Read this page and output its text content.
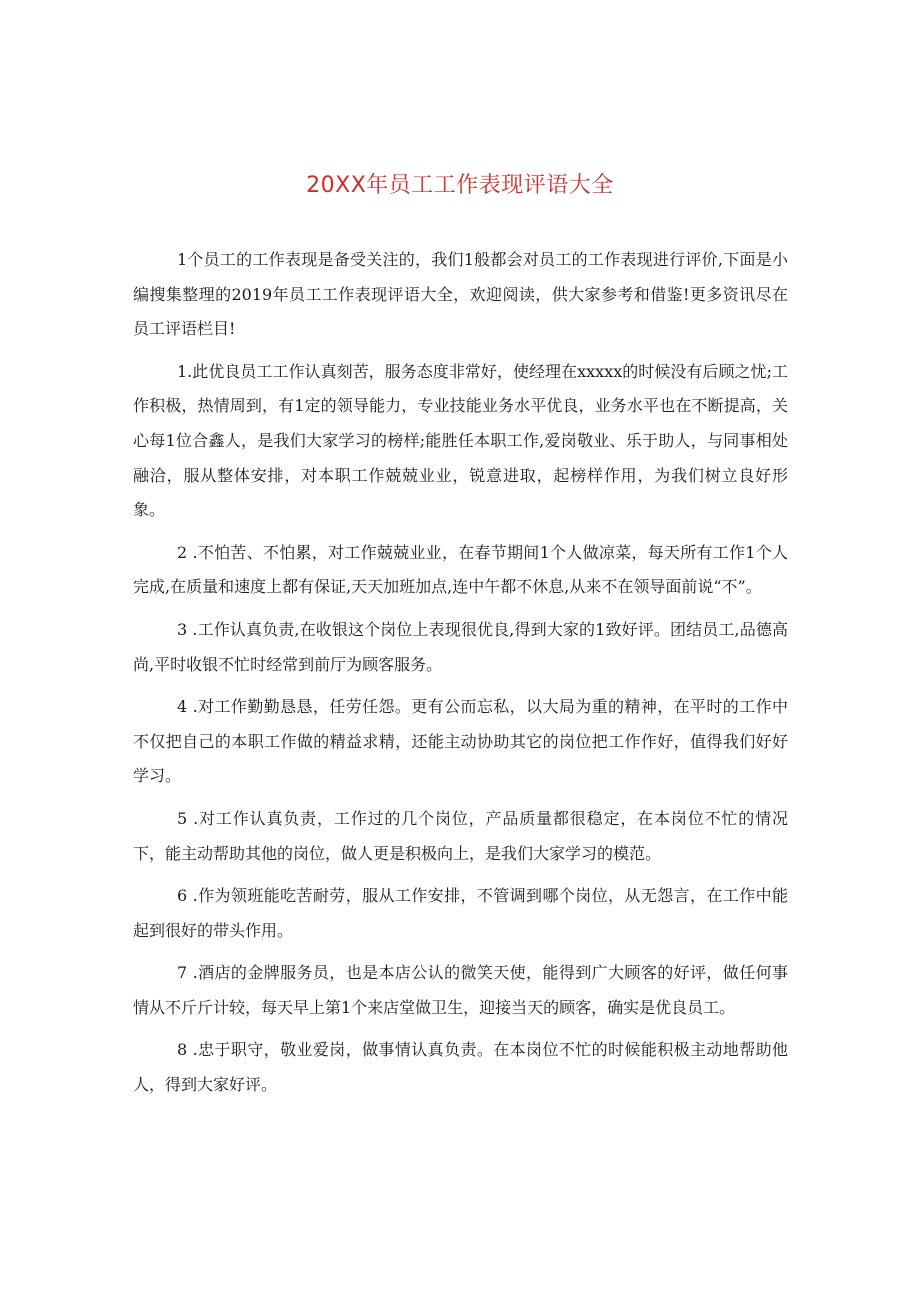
20XX年员工工作表现评语大全

1个员工的工作表现是备受关注的，我们1般都会对员工的工作表现进行评价,下面是小编搜集整理的2019年员工工作表现评语大全，欢迎阅读，供大家参考和借鉴!更多资讯尽在员工评语栏目!

1.此优良员工工作认真刻苦，服务态度非常好，使经理在xxxxx的时候没有后顾之忧;工作积极，热情周到，有1定的领导能力，专业技能业务水平优良，业务水平也在不断提高，关心每1位合鑫人，是我们大家学习的榜样;能胜任本职工作,爱岗敬业、乐于助人，与同事相处融洽，服从整体安排，对本职工作兢兢业业，锐意进取，起榜样作用，为我们树立良好形象。

2 .不怕苦、不怕累，对工作兢兢业业，在春节期间1个人做凉菜，每天所有工作1个人完成,在质量和速度上都有保证,天天加班加点,连中午都不休息,从来不在领导面前说“不”。

3 .工作认真负责,在收银这个岗位上表现很优良,得到大家的1致好评。团结员工,品德高尚,平时收银不忙时经常到前厅为顾客服务。

4 .对工作勤勤恳恳，任劳任怨。更有公而忘私，以大局为重的精神，在平时的工作中不仅把自己的本职工作做的精益求精，还能主动协助其它的岗位把工作作好，值得我们好好学习。

5 .对工作认真负责，工作过的几个岗位，产品质量都很稳定，在本岗位不忙的情况下，能主动帮助其他的岗位，做人更是积极向上，是我们大家学习的模范。

6 .作为领班能吃苦耐劳，服从工作安排，不管调到哪个岗位，从无怨言，在工作中能起到很好的带头作用。

7 .酒店的金牌服务员，也是本店公认的微笑天使，能得到广大顾客的好评，做任何事情从不斤斤计较，每天早上第1个来店堂做卫生，迎接当天的顾客，确实是优良员工。

8 .忠于职守，敬业爱岗，做事情认真负责。在本岗位不忙的时候能积极主动地帮助他人，得到大家好评。
